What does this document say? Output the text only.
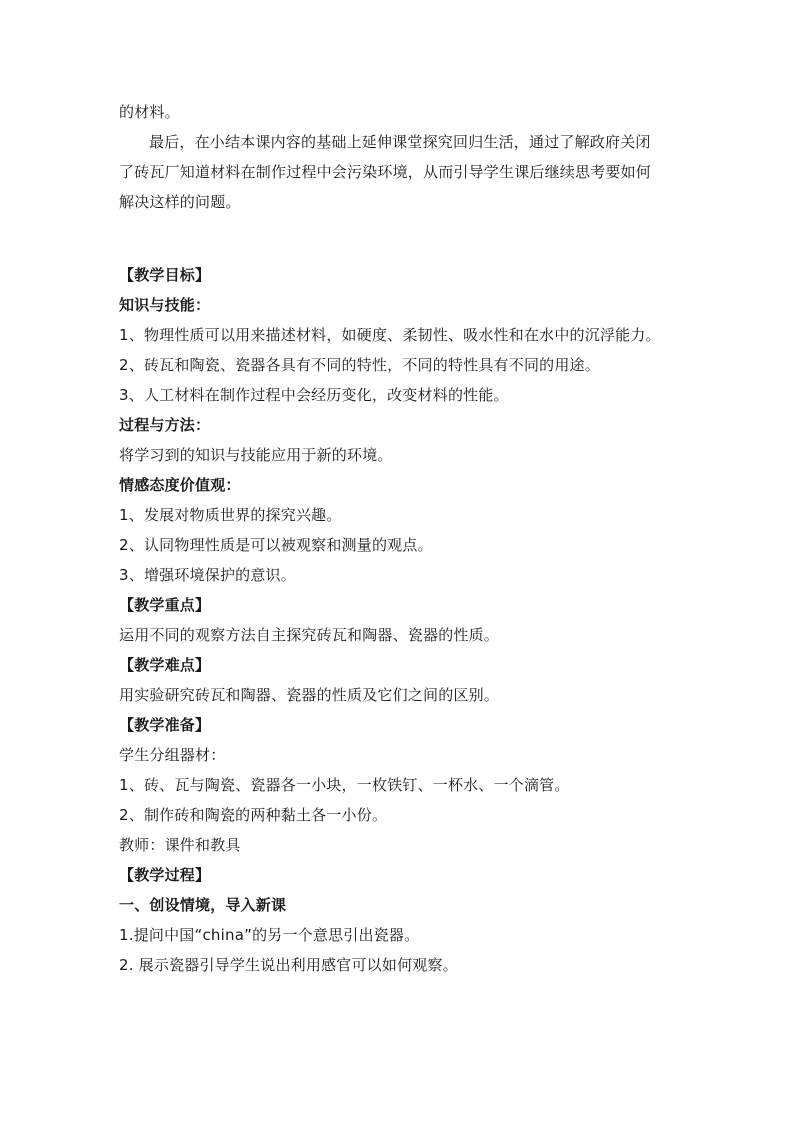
的材料。
最后，在小结本课内容的基础上延伸课堂探究回归生活，通过了解政府关闭
了砖瓦厂知道材料在制作过程中会污染环境，从而引导学生课后继续思考要如何
解决这样的问题。
【教学目标】
知识与技能：
1、物理性质可以用来描述材料，如硬度、柔韧性、吸水性和在水中的沉浮能力。
2、砖瓦和陶瓷、瓷器各具有不同的特性，不同的特性具有不同的用途。
3、人工材料在制作过程中会经历变化，改变材料的性能。
过程与方法：
将学习到的知识与技能应用于新的环境。
情感态度价值观：
1、发展对物质世界的探究兴趣。
2、认同物理性质是可以被观察和测量的观点。
3、增强环境保护的意识。
【教学重点】
运用不同的观察方法自主探究砖瓦和陶器、瓷器的性质。
【教学难点】
用实验研究砖瓦和陶器、瓷器的性质及它们之间的区别。
【教学准备】
学生分组器材：
1、砖、瓦与陶瓷、瓷器各一小块，一枚铁钉、一杯水、一个滴管。
2、制作砖和陶瓷的两种黏土各一小份。
教师：课件和教具
【教学过程】
一、创设情境，导入新课
1.提问中国“china”的另一个意思引出瓷器。
2. 展示瓷器引导学生说出利用感官可以如何观察。
